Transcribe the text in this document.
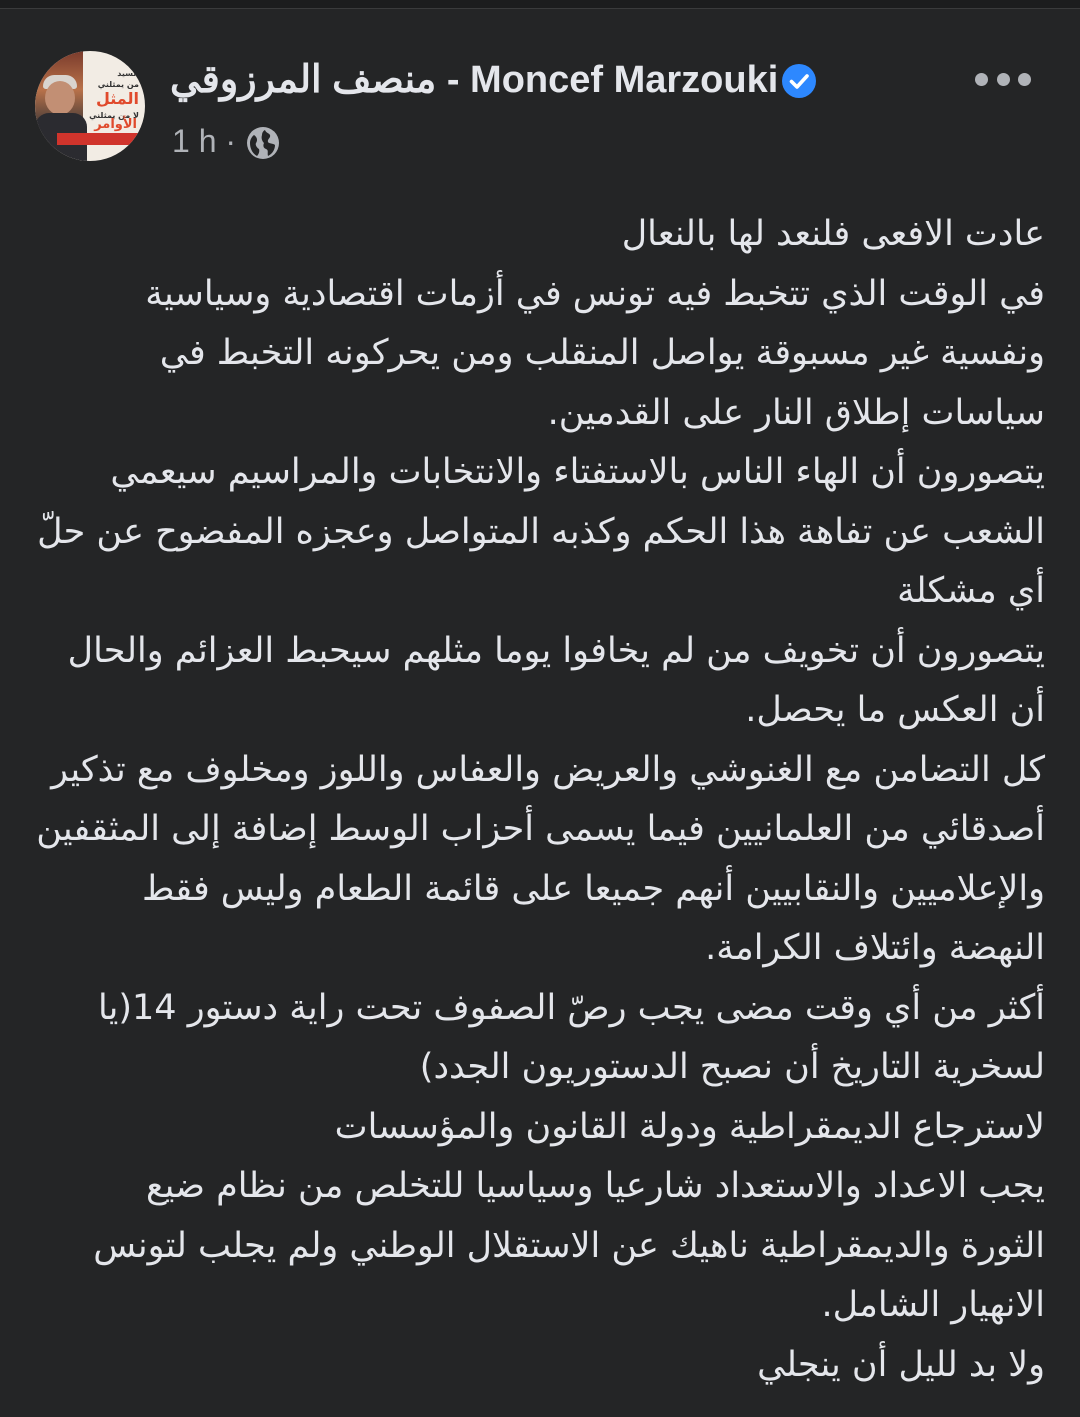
السيد
من يمثلني
المثل
لا من يمثلني
الأوامر
منصف المرزوقي - Moncef Marzouki
1 h ·
عادت الافعى فلنعد لها بالنعال
في الوقت الذي تتخبط فيه تونس في أزمات اقتصادية وسياسية
ونفسية غير مسبوقة يواصل المنقلب ومن يحركونه التخبط في
سياسات إطلاق النار على القدمين.
يتصورون أن الهاء الناس بالاستفتاء والانتخابات والمراسيم سيعمي
الشعب عن تفاهة هذا الحكم وكذبه المتواصل وعجزه المفضوح عن حلّ
أي مشكلة
يتصورون أن تخويف من لم يخافوا يوما مثلهم سيحبط العزائم والحال
أن العكس ما يحصل.
كل التضامن مع الغنوشي والعريض والعفاس واللوز ومخلوف مع تذكير
أصدقائي من العلمانيين فيما يسمى أحزاب الوسط إضافة إلى المثقفين
والإعلاميين والنقابيين أنهم جميعا على قائمة الطعام وليس فقط
النهضة وائتلاف الكرامة.
أكثر من أي وقت مضى يجب رصّ الصفوف تحت راية دستور 14(يا
لسخرية التاريخ أن نصبح الدستوريون الجدد)
لاسترجاع الديمقراطية ودولة القانون والمؤسسات
يجب الاعداد والاستعداد شارعيا وسياسيا للتخلص من نظام ضيع
الثورة والديمقراطية ناهيك عن الاستقلال الوطني ولم يجلب لتونس
الانهيار الشامل.
ولا بد لليل أن ينجلي
